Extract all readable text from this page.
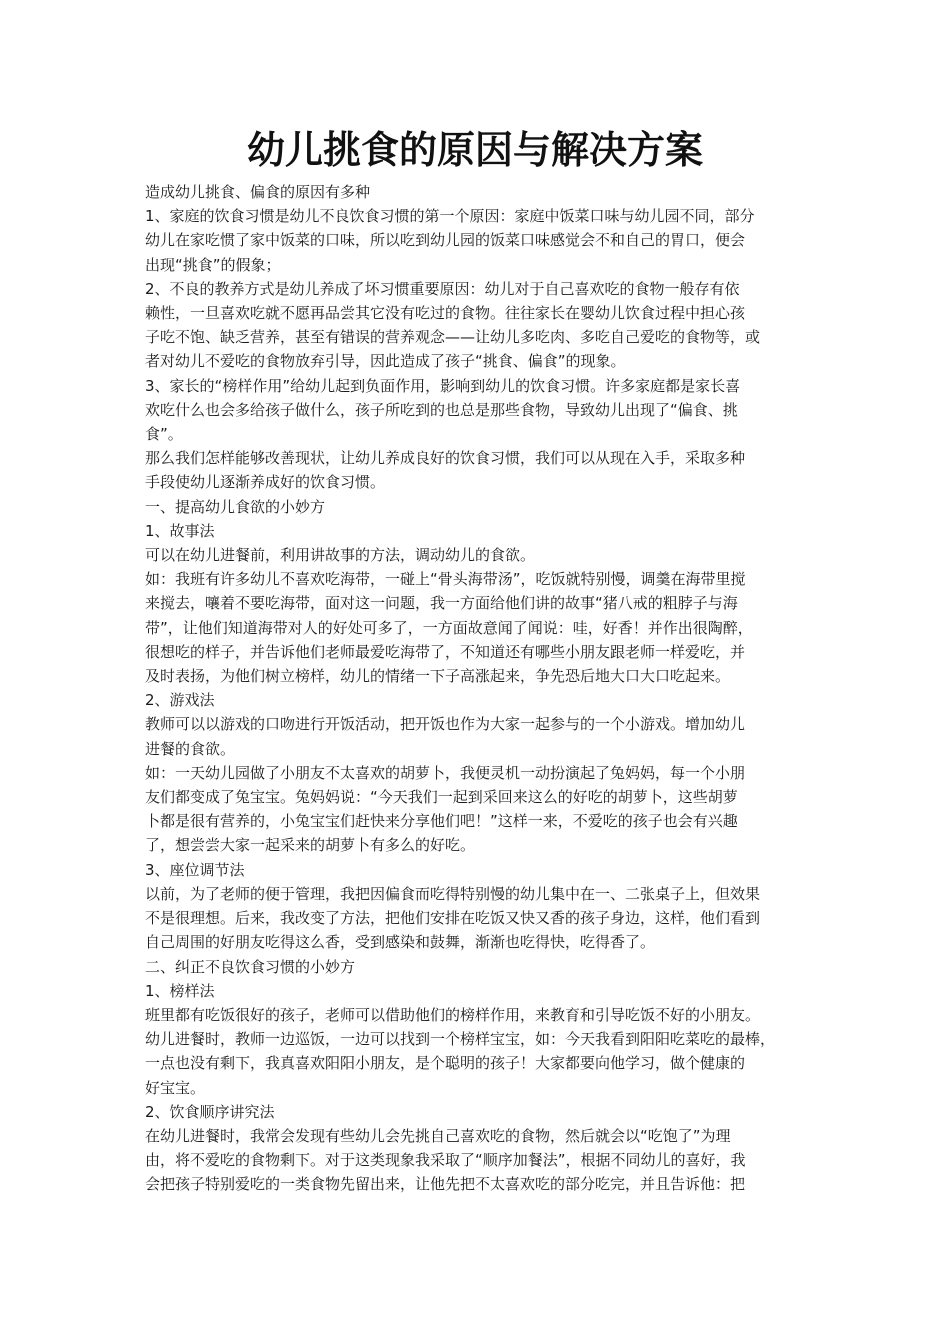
幼儿挑食的原因与解决方案

造成幼儿挑食、偏食的原因有多种

1、家庭的饮食习惯是幼儿不良饮食习惯的第一个原因：家庭中饭菜口味与幼儿园不同，部分

幼儿在家吃惯了家中饭菜的口味，所以吃到幼儿园的饭菜口味感觉会不和自己的胃口，便会

出现“挑食”的假象；

2、不良的教养方式是幼儿养成了坏习惯重要原因：幼儿对于自己喜欢吃的食物一般存有依

赖性，一旦喜欢吃就不愿再品尝其它没有吃过的食物。往往家长在婴幼儿饮食过程中担心孩

子吃不饱、缺乏营养，甚至有错误的营养观念——让幼儿多吃肉、多吃自己爱吃的食物等，或

者对幼儿不爱吃的食物放弃引导，因此造成了孩子“挑食、偏食”的现象。

3、家长的“榜样作用”给幼儿起到负面作用，影响到幼儿的饮食习惯。许多家庭都是家长喜

欢吃什么也会多给孩子做什么，孩子所吃到的也总是那些食物，导致幼儿出现了“偏食、挑

食”。

那么我们怎样能够改善现状，让幼儿养成良好的饮食习惯，我们可以从现在入手，采取多种

手段使幼儿逐渐养成好的饮食习惯。

一、提高幼儿食欲的小妙方

1、故事法

可以在幼儿进餐前，利用讲故事的方法，调动幼儿的食欲。

如：我班有许多幼儿不喜欢吃海带，一碰上“骨头海带汤”，吃饭就特别慢，调羹在海带里搅

来搅去，嚷着不要吃海带，面对这一问题，我一方面给他们讲的故事“猪八戒的粗脖子与海

带”，让他们知道海带对人的好处可多了，一方面故意闻了闻说：哇，好香！并作出很陶醉，

很想吃的样子，并告诉他们老师最爱吃海带了，不知道还有哪些小朋友跟老师一样爱吃，并

及时表扬，为他们树立榜样，幼儿的情绪一下子高涨起来，争先恐后地大口大口吃起来。

2、游戏法

教师可以以游戏的口吻进行开饭活动，把开饭也作为大家一起参与的一个小游戏。增加幼儿

进餐的食欲。

如：一天幼儿园做了小朋友不太喜欢的胡萝卜，我便灵机一动扮演起了兔妈妈，每一个小朋

友们都变成了兔宝宝。兔妈妈说：“今天我们一起到采回来这么的好吃的胡萝卜，这些胡萝

卜都是很有营养的，小兔宝宝们赶快来分享他们吧！”这样一来，不爱吃的孩子也会有兴趣

了，想尝尝大家一起采来的胡萝卜有多么的好吃。

3、座位调节法

以前，为了老师的便于管理，我把因偏食而吃得特别慢的幼儿集中在一、二张桌子上，但效果

不是很理想。后来，我改变了方法，把他们安排在吃饭又快又香的孩子身边，这样，他们看到

自己周围的好朋友吃得这么香，受到感染和鼓舞，渐渐也吃得快，吃得香了。

二、纠正不良饮食习惯的小妙方

1、榜样法

班里都有吃饭很好的孩子，老师可以借助他们的榜样作用，来教育和引导吃饭不好的小朋友。

幼儿进餐时，教师一边巡饭，一边可以找到一个榜样宝宝，如：今天我看到阳阳吃菜吃的最棒，

一点也没有剩下，我真喜欢阳阳小朋友，是个聪明的孩子！大家都要向他学习，做个健康的

好宝宝。

2、饮食顺序讲究法

在幼儿进餐时，我常会发现有些幼儿会先挑自己喜欢吃的食物，然后就会以“吃饱了”为理

由，将不爱吃的食物剩下。对于这类现象我采取了“顺序加餐法”，根据不同幼儿的喜好，我

会把孩子特别爱吃的一类食物先留出来，让他先把不太喜欢吃的部分吃完，并且告诉他：把
